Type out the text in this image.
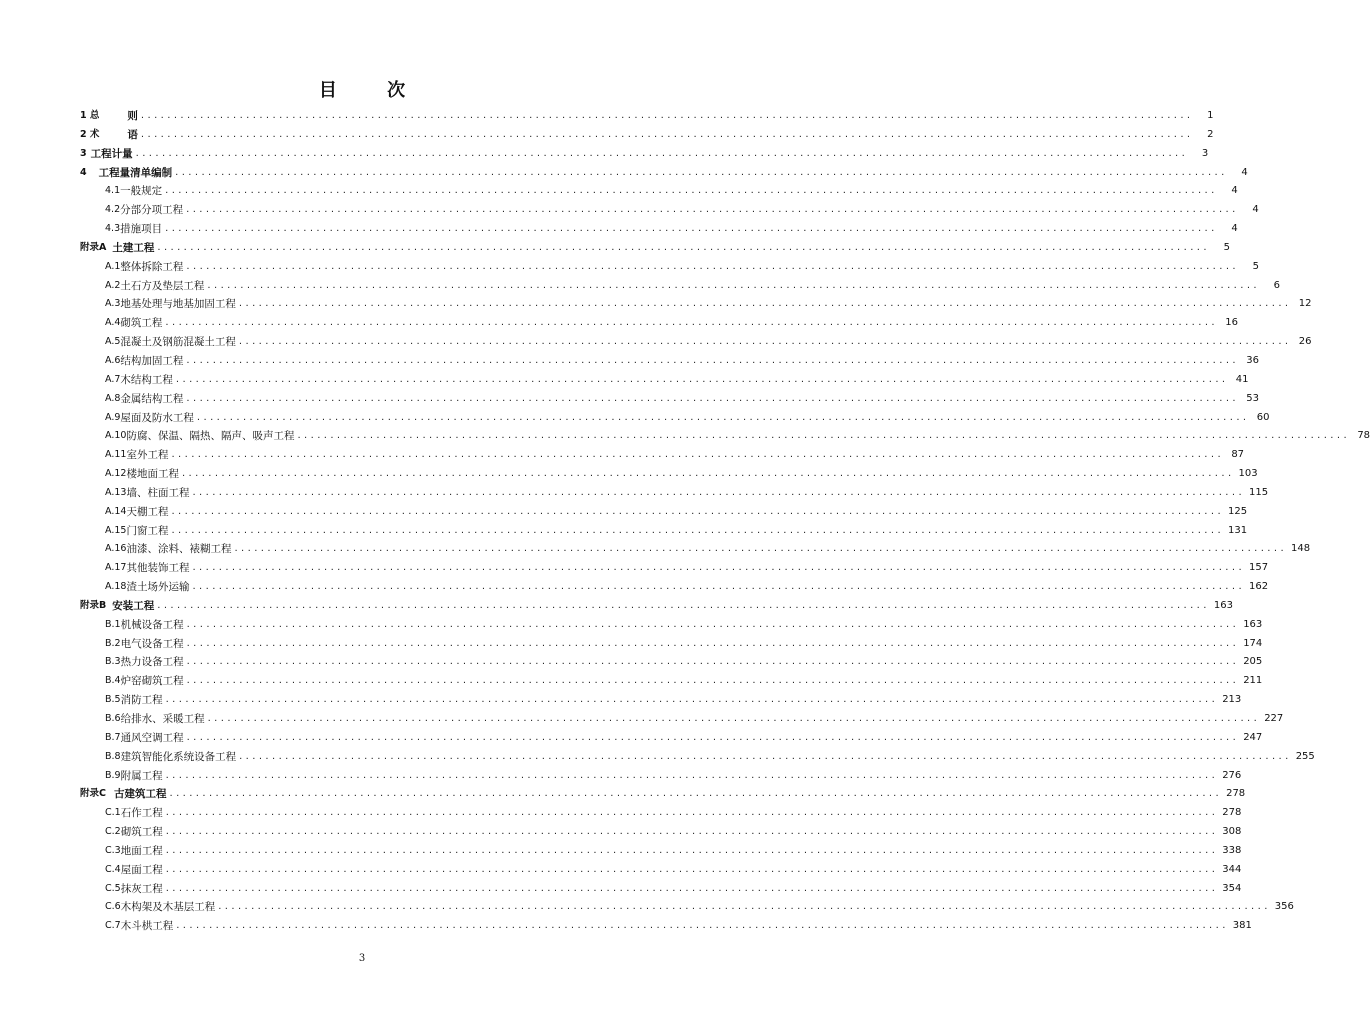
目 次
1 总	则 ................................................................................................................................................................	1
2 术	语 ................................................................................................................................................................	2
3 工程计量 ................................................................................................................................................................	3
4 工程量清单编制 ................................................................................................................................................................	4
4.1 一般规定 ................................................................................................................................................................	4
4.2 分部分项工程 ................................................................................................................................................................	4
4.3 措施项目 ................................................................................................................................................................	4
附录A 土建工程 ................................................................................................................................................................	5
A.1 整体拆除工程 ................................................................................................................................................................	5
A.2 土石方及垫层工程 ................................................................................................................................................................	6
A.3 地基处理与地基加固工程 ................................................................................................................................................................ 12
A.4 砌筑工程 ................................................................................................................................................................ 16
A.5 混凝土及钢筋混凝土工程 ................................................................................................................................................................ 26
A.6 结构加固工程 ................................................................................................................................................................ 36
A.7 木结构工程 ................................................................................................................................................................ 41
A.8 金属结构工程 ................................................................................................................................................................ 53
A.9 屋面及防水工程 ................................................................................................................................................................ 60
A.10 防腐、保温、隔热、隔声、吸声工程 ................................................................................................................................................................ 78
A.11 室外工程 ................................................................................................................................................................ 87
A.12 楼地面工程 ................................................................................................................................................................ 103
A.13 墙、柱面工程 ................................................................................................................................................................ 115
A.14 天棚工程 ................................................................................................................................................................ 125
A.15 门窗工程 ................................................................................................................................................................ 131
A.16 油漆、涂料、裱糊工程 ................................................................................................................................................................ 148
A.17 其他装饰工程 ................................................................................................................................................................ 157
A.18 渣土场外运输 ................................................................................................................................................................ 162
附录B 安装工程 ................................................................................................................................................................ 163
B.1 机械设备工程 ................................................................................................................................................................ 163
B.2 电气设备工程 ................................................................................................................................................................ 174
B.3 热力设备工程 ................................................................................................................................................................ 205
B.4 炉窑砌筑工程 ................................................................................................................................................................ 211
B.5 消防工程 ................................................................................................................................................................ 213
B.6 给排水、采暖工程 ................................................................................................................................................................ 227
B.7 通风空调工程 ................................................................................................................................................................ 247
B.8 建筑智能化系统设备工程 ................................................................................................................................................................ 255
B.9 附属工程 ................................................................................................................................................................ 276
附录C 古建筑工程 ................................................................................................................................................................ 278
C.1 石作工程 ................................................................................................................................................................ 278
C.2 砌筑工程 ................................................................................................................................................................ 308
C.3 地面工程 ................................................................................................................................................................ 338
C.4 屋面工程 ................................................................................................................................................................ 344
C.5 抹灰工程 ................................................................................................................................................................ 354
C.6 木构架及木基层工程 ................................................................................................................................................................ 356
C.7 木斗栱工程 ................................................................................................................................................................ 381
3
